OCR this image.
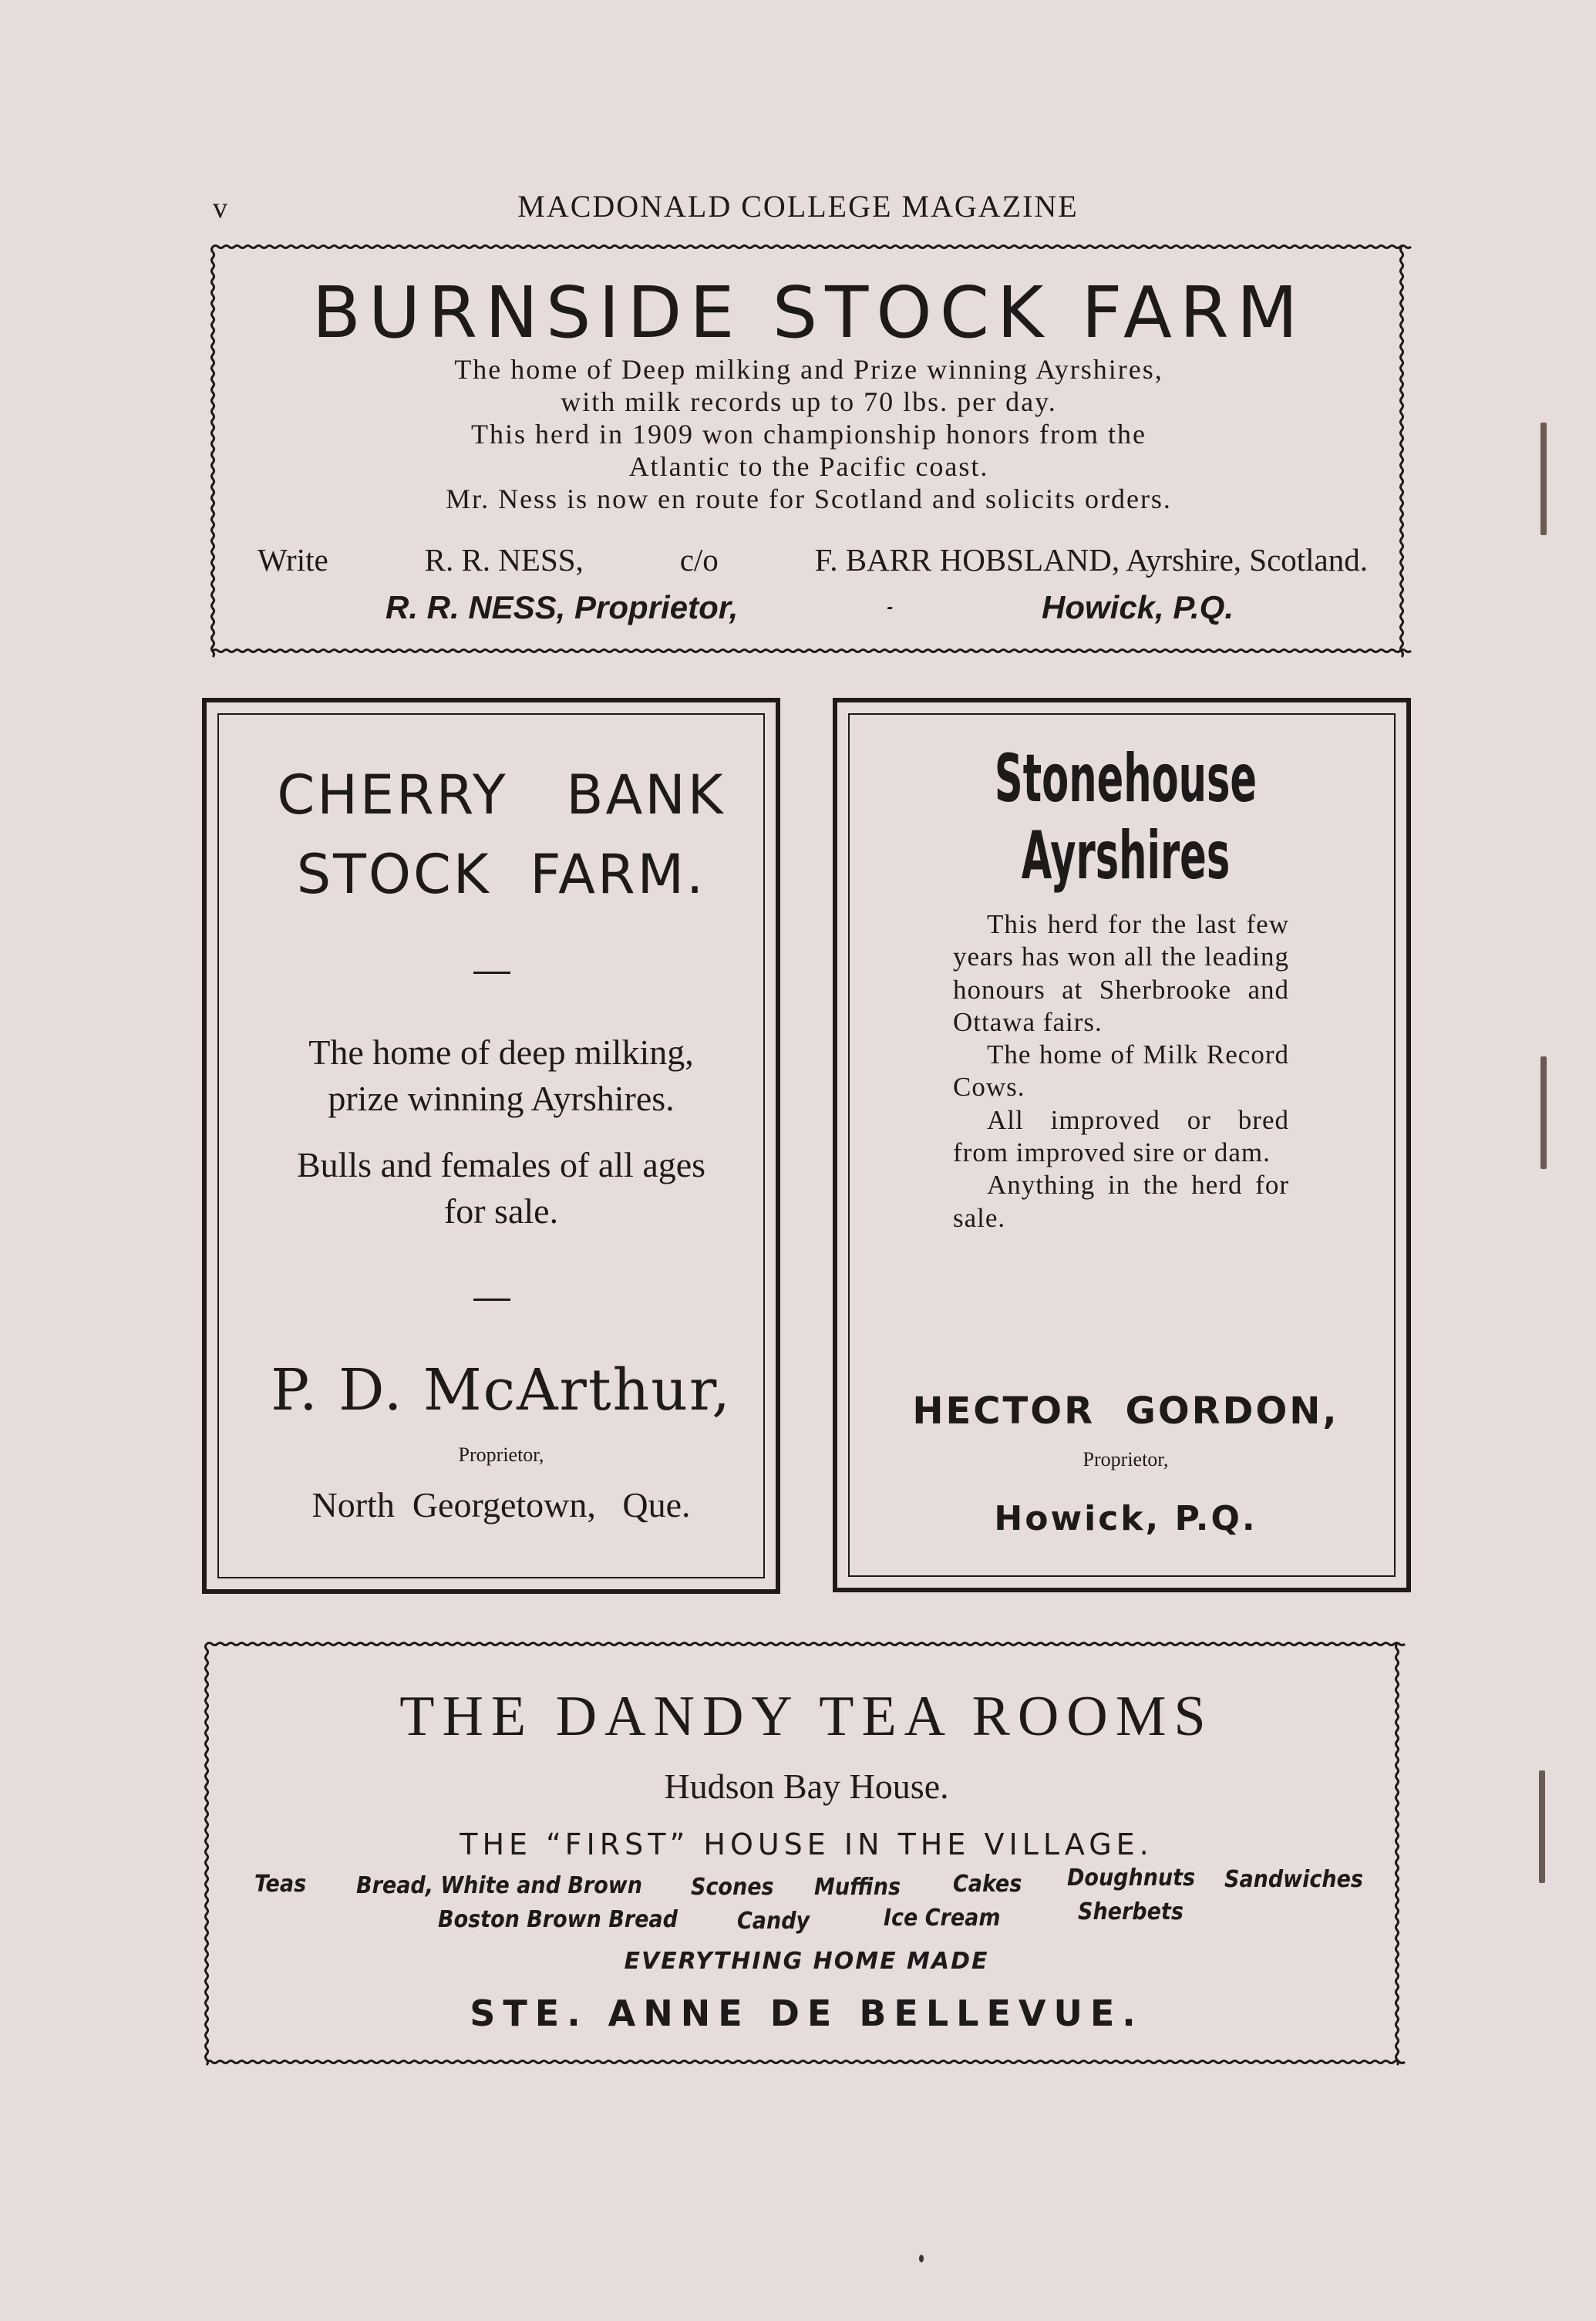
v	MACDONALD COLLEGE MAGAZINE
BURNSIDE STOCK FARM
The home of Deep milking and Prize winning Ayrshires,
with milk records up to 70 lbs. per day.
This herd in 1909 won championship honors from the
Atlantic to the Pacific coast.
Mr. Ness is now en route for Scotland and solicits orders.
Write	R. R. NESS,	c/o	F. BARR HOBSLAND, Ayrshire, Scotland.
R. R. NESS, Proprietor,	-	Howick, P.Q.
CHERRY   BANK
STOCK  FARM.
The home of deep milking,
prize winning Ayrshires.
Bulls and females of all ages
for sale.
P. D. McArthur,
Proprietor,
North  Georgetown,   Que.
Stonehouse Ayrshires

This herd for the last few years has won all the leading honours at Sherbrooke and Ottawa fairs.

The home of Milk Record Cows.

All improved or bred from improved sire or dam.

Anything in the herd for sale.

HECTOR  GORDON,
Proprietor,
Howick, P.Q.
THE DANDY TEA ROOMS
Hudson Bay House.
THE “FIRST” HOUSE IN THE VILLAGE.
Teas Bread, White and Brown Scones Muffins Cakes Doughnuts Sandwiches
Boston Brown Bread	Candy	Ice Cream	Sherbets
EVERYTHING HOME MADE
STE. ANNE DE BELLEVUE.
